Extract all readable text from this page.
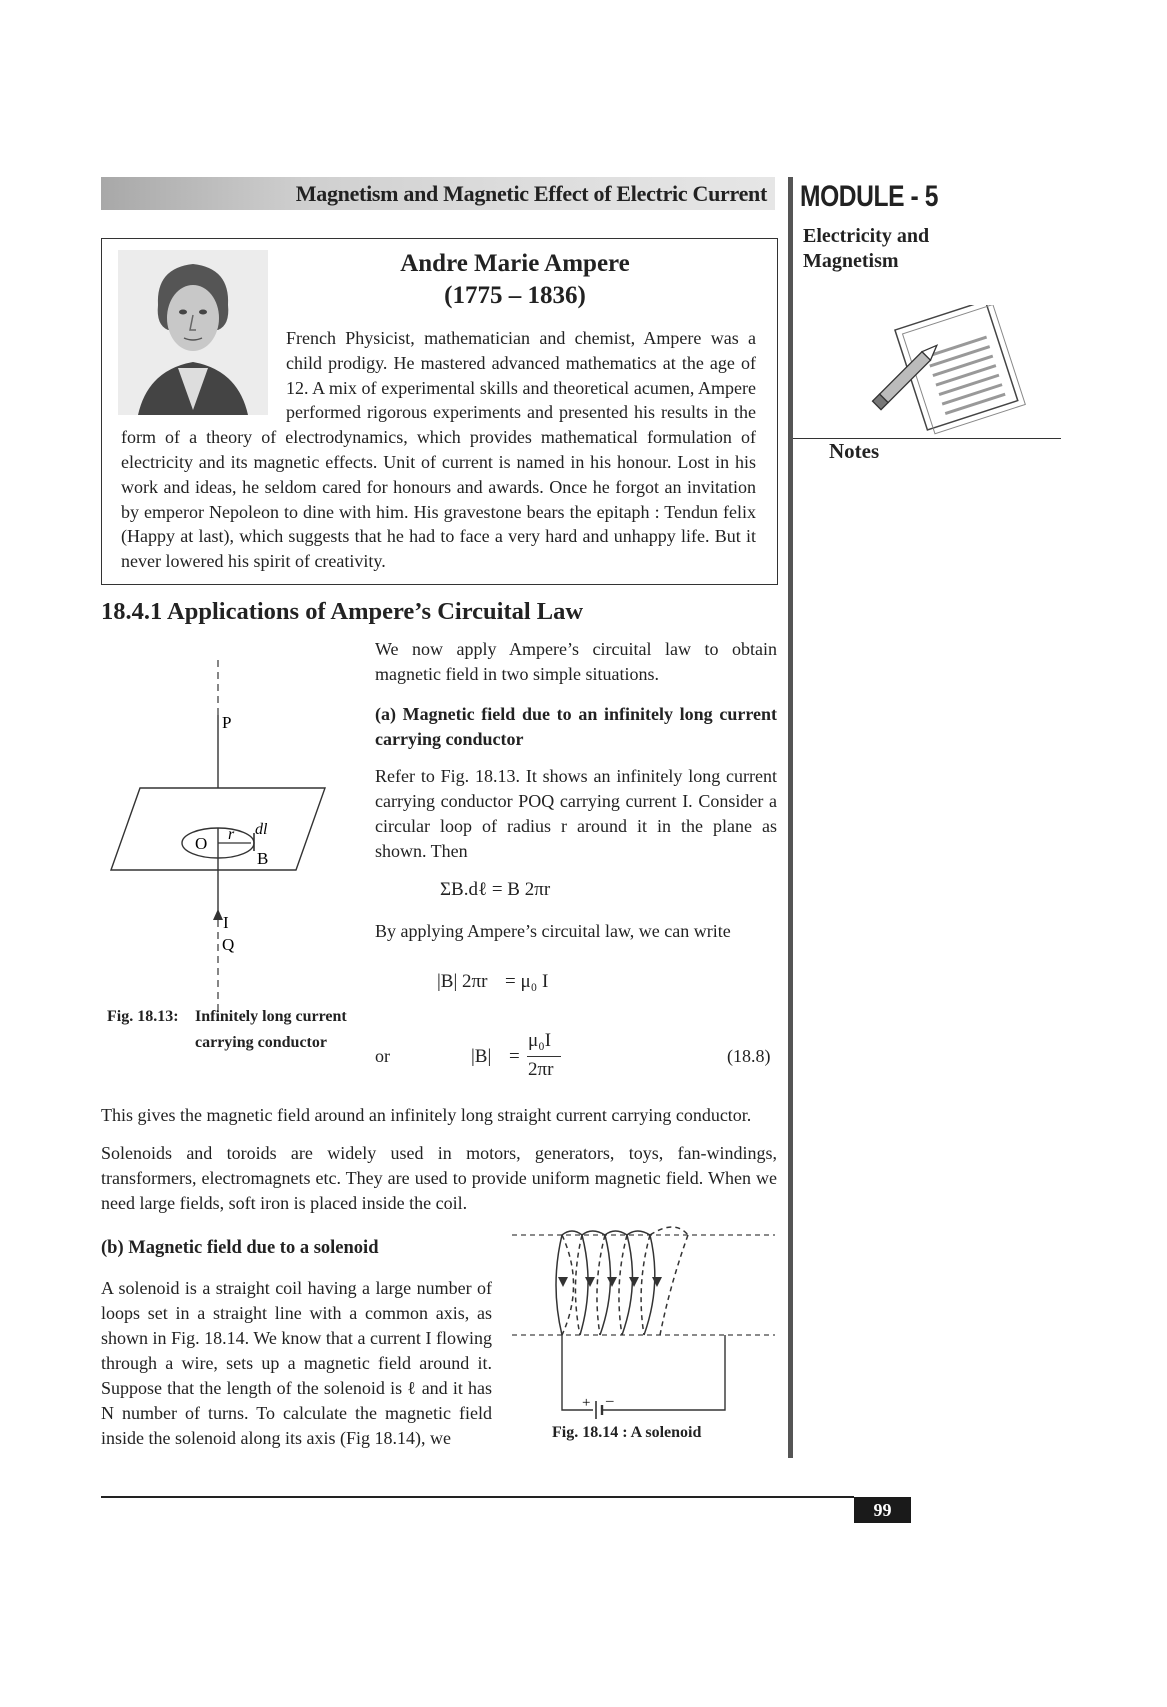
Magnetism and Magnetic Effect of Electric Current MODULE - 5
Electricity and
Magnetism
Notes
Andre Marie Ampere
(1775 – 1836)
French Physicist, mathematician and chemist, Ampere was a child prodigy. He mastered advanced mathematics at the age of 12. A mix of experimental skills and theoretical acumen, Ampere performed rigorous experiments and presented his results in the form of a theory of electrodynamics, which provides mathematical formulation of electricity and its magnetic effects. Unit of current is named in his honour. Lost in his work and ideas, he seldom cared for honours and awards. Once he forgot an invitation by emperor Nepoleon to dine with him. His gravestone bears the epitaph : Tendun felix (Happy at last), which suggests that he had to face a very hard and unhappy life. But it never lowered his spirit of creativity.
18.4.1 Applications of Ampere’s Circuital Law
P
O r dl
B
I
Q
Fig. 18.13: Infinitely long current
carrying conductor
We now apply Ampere’s circuital law to obtain magnetic field in two simple situations.
(a) Magnetic field due to an infinitely long current carrying conductor
Refer to Fig. 18.13. It shows an infinitely long current carrying conductor POQ carrying current I. Consider a circular loop of radius r around it in the plane as shown. Then
ΣB.dℓ = B 2πr
By applying Ampere’s circuital law, we can write
|B| 2πr = μ₀ I
or	|B| =
μ₀I
2πr
(18.8)
This gives the magnetic field around an infinitely long straight current carrying conductor.
Solenoids and toroids are widely used in motors, generators, toys, fan-windings, transformers, electromagnets etc. They are used to provide uniform magnetic field. When we need large fields, soft iron is placed inside the coil.
(b) Magnetic field due to a solenoid
A solenoid is a straight coil having a large number of loops set in a straight line with a common axis, as shown in Fig. 18.14. We know that a current I flowing through a wire, sets up a magnetic field around it. Suppose that the length of the solenoid is ℓ and it has N number of turns. To calculate the magnetic field inside the solenoid along its axis (Fig 18.14), we
+ –
Fig. 18.14 : A solenoid
99
